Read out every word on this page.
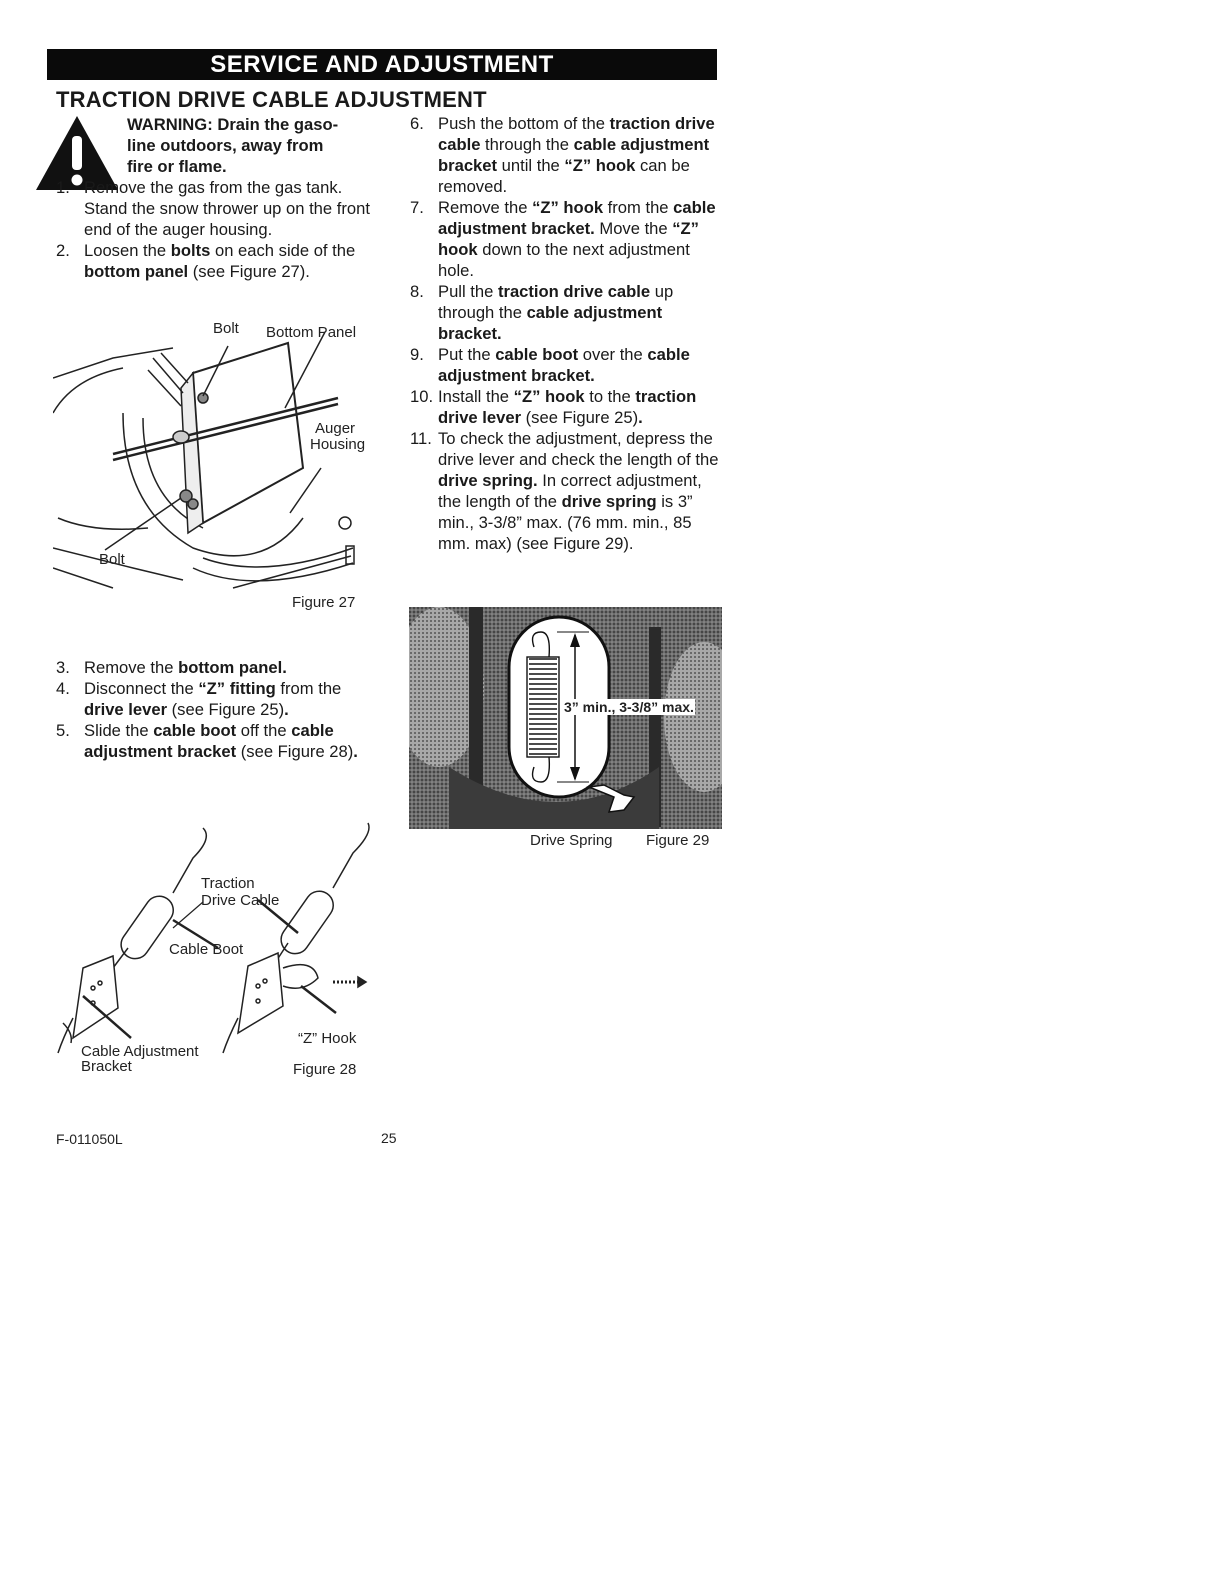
SERVICE AND ADJUSTMENT
TRACTION DRIVE CABLE ADJUSTMENT
WARNING: Drain the gaso-
line outdoors, away from
fire or flame.
1. Remove the gas from the gas tank. Stand the snow thrower up on the front end of the auger housing.
2. Loosen the bolts on each side of the bottom panel (see Figure 27).
Bolt Bottom Panel
Auger
Housing
Bolt
Figure 27
3. Remove the bottom panel.
4. Disconnect the “Z” fitting from the drive lever (see Figure 25).
5. Slide the cable boot off the cable adjustment bracket (see Figure 28).
Traction
Drive Cable
Cable Boot
“Z” Hook
Cable Adjustment
Bracket	Figure 28
6. Push the bottom of the traction drive cable through the cable adjustment bracket until the “Z” hook can be removed.
7. Remove the “Z” hook from the cable adjustment bracket. Move the “Z” hook down to the next adjustment hole.
8. Pull the traction drive cable up through the cable adjustment bracket.
9. Put the cable boot over the cable adjustment bracket.
10. Install the “Z” hook to the traction drive lever (see Figure 25).
11. To check the adjustment, depress the drive lever and check the length of the drive spring. In correct adjustment, the length of the drive spring is 3” min., 3-3/8” max. (76 mm. min., 85 mm. max) (see Figure 29).
3” min., 3-3/8” max.
Drive Spring Figure 29
F-011050L	25
